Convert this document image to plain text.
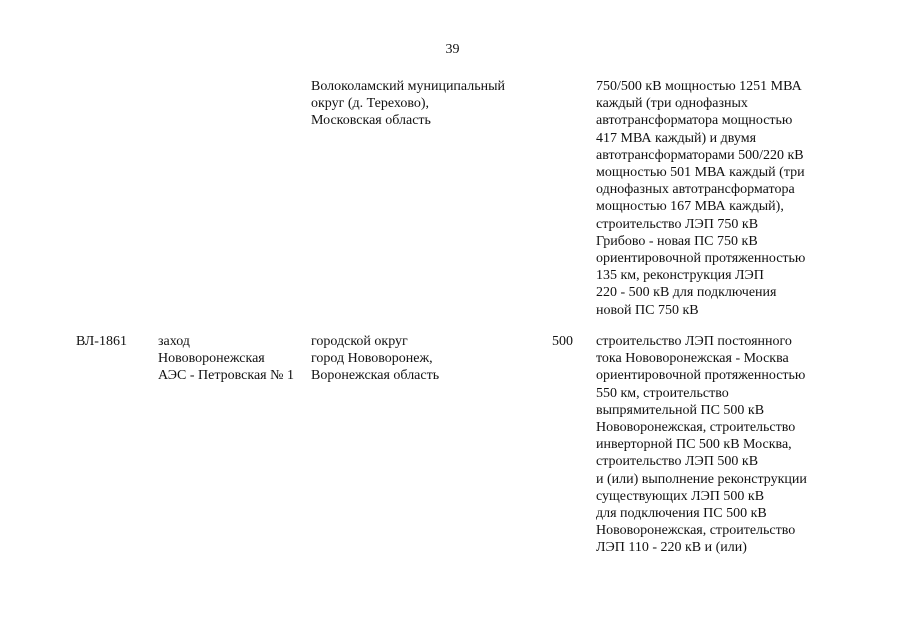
39
Волоколамский муниципальный
округ (д. Терехово),
Московская область
750/500 кВ мощностью 1251 МВА
каждый (три однофазных
автотрансформатора мощностью
417 МВА каждый) и двумя
автотрансформаторами 500/220 кВ
мощностью 501 МВА каждый (три
однофазных автотрансформатора
мощностью 167 МВА каждый),
строительство ЛЭП 750 кВ
Грибово - новая ПС 750 кВ
ориентировочной протяженностью
135 км, реконструкция ЛЭП
220 - 500 кВ для подключения
новой ПС 750 кВ
ВЛ-1861 заход
Нововоронежская
АЭС - Петровская № 1
городской округ
город Нововоронеж,
Воронежская область
500 строительство ЛЭП постоянного
тока Нововоронежская - Москва
ориентировочной протяженностью
550 км, строительство
выпрямительной ПС 500 кВ
Нововоронежская, строительство
инверторной ПС 500 кВ Москва,
строительство ЛЭП 500 кВ
и (или) выполнение реконструкции
существующих ЛЭП 500 кВ
для подключения ПС 500 кВ
Нововоронежская, строительство
ЛЭП 110 - 220 кВ и (или)
